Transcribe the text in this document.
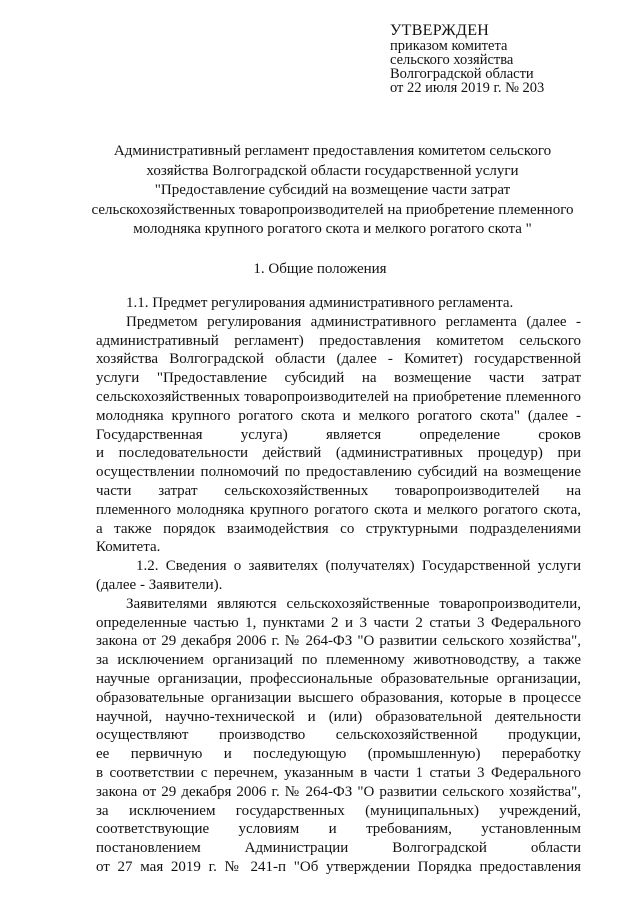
УТВЕРЖДЕН
приказом комитета
сельского хозяйства
Волгоградской области
от 22 июля 2019 г. № 203
Административный регламент предоставления комитетом сельского
хозяйства Волгоградской области государственной услуги
"Предоставление субсидий на возмещение части затрат
сельскохозяйственных товаропроизводителей на приобретение племенного
молодняка крупного рогатого скота и мелкого рогатого скота "
1. Общие положения

1.1. Предмет регулирования административного регламента.

Предметом регулирования административного регламента (далее -

административный регламент) предоставления комитетом сельского

хозяйства Волгоградской области (далее - Комитет) государственной

услуги "Предоставление субсидий на возмещение части затрат

сельскохозяйственных товаропроизводителей на приобретение племенного

молодняка крупного рогатого скота и мелкого рогатого скота" (далее -

Государственная услуга) является определение сроков

и последовательности действий (административных процедур) при

осуществлении полномочий по предоставлению субсидий на возмещение

части затрат сельскохозяйственных товаропроизводителей на

племенного молодняка крупного рогатого скота и мелкого рогатого скота,

а также порядок взаимодействия со структурными подразделениями

Комитета.

1.2. Сведения о заявителях (получателях) Государственной услуги

(далее - Заявители).

Заявителями являются сельскохозяйственные товаропроизводители,

определенные частью 1, пунктами 2 и 3 части 2 статьи 3 Федерального

закона от 29 декабря 2006 г. № 264-ФЗ "О развитии сельского хозяйства",

за исключением организаций по племенному животноводству, а также

научные организации, профессиональные образовательные организации,

образовательные организации высшего образования, которые в процессе

научной, научно-технической и (или) образовательной деятельности

осуществляют производство сельскохозяйственной продукции,

ее первичную и последующую (промышленную) переработку

в соответствии с перечнем, указанным в части 1 статьи 3 Федерального

закона от 29 декабря 2006 г. № 264-ФЗ "О развитии сельского хозяйства",

за исключением государственных (муниципальных) учреждений,

соответствующие условиям и требованиям, установленным

постановлением Администрации Волгоградской области

от 27 мая 2019 г. № 241-п "Об утверждении Порядка предоставления
